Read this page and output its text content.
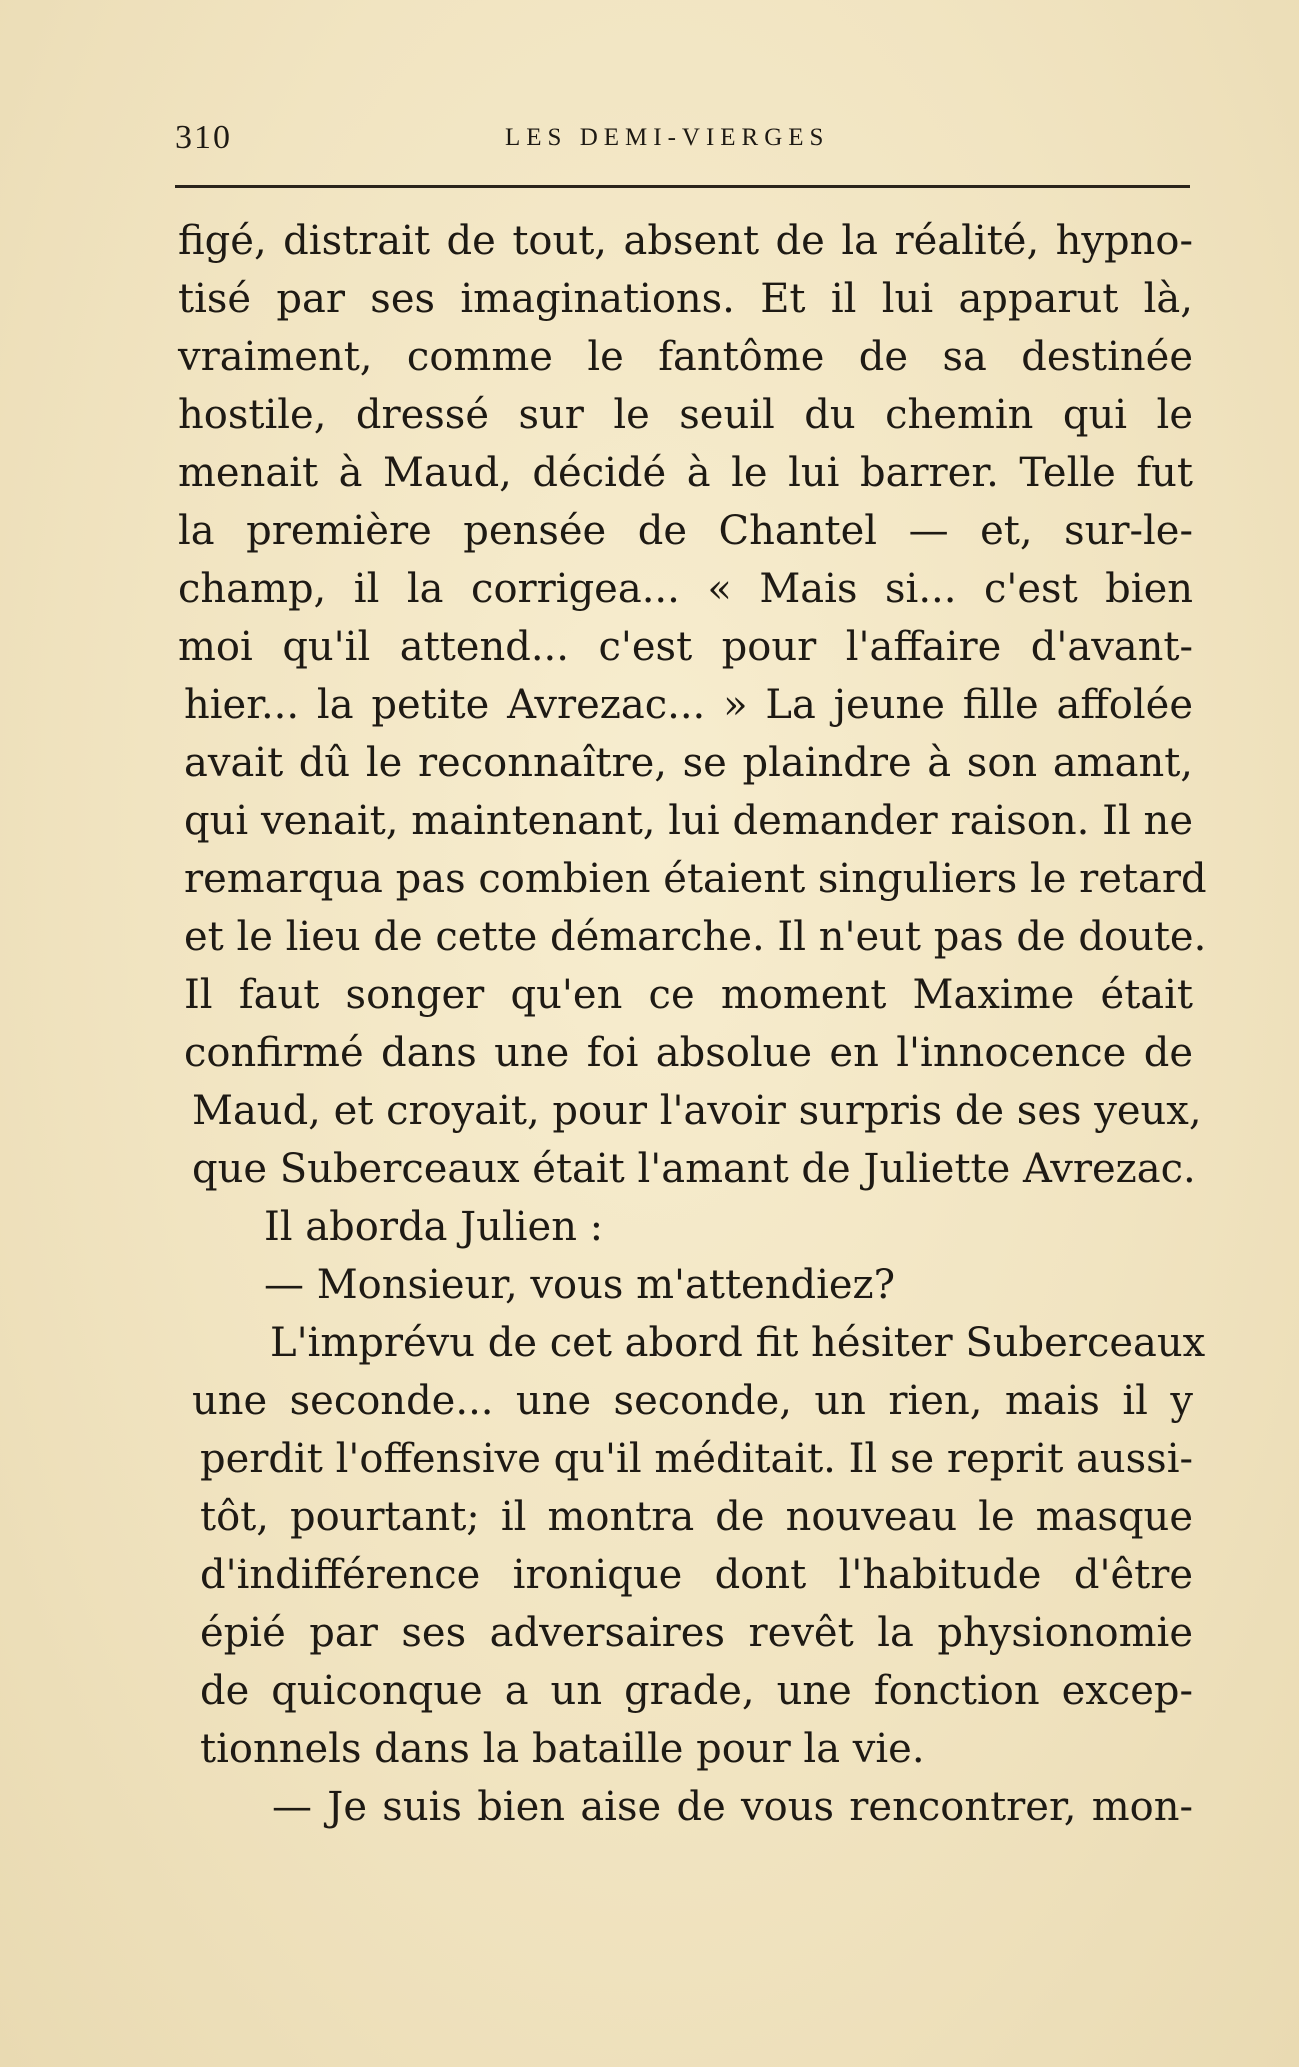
310	LES DEMI-VIERGES
figé, distrait de tout, absent de la réalité, hypno-
tisé par ses imaginations. Et il lui apparut là,
vraiment, comme le fantôme de sa destinée
hostile, dressé sur le seuil du chemin qui le
menait à Maud, décidé à le lui barrer. Telle fut
la première pensée de Chantel — et, sur-le-
champ, il la corrigea... « Mais si... c'est bien
moi qu'il attend... c'est pour l'affaire d'avant-
hier... la petite Avrezac... » La jeune fille affolée
avait dû le reconnaître, se plaindre à son amant,
qui venait, maintenant, lui demander raison. Il ne
remarqua pas combien étaient singuliers le retard
et le lieu de cette démarche. Il n'eut pas de doute.
Il faut songer qu'en ce moment Maxime était
confirmé dans une foi absolue en l'innocence de
Maud, et croyait, pour l'avoir surpris de ses yeux,
que Suberceaux était l'amant de Juliette Avrezac.
Il aborda Julien :
— Monsieur, vous m'attendiez?
L'imprévu de cet abord fit hésiter Suberceaux
une seconde... une seconde, un rien, mais il y
perdit l'offensive qu'il méditait. Il se reprit aussi-
tôt, pourtant; il montra de nouveau le masque
d'indifférence ironique dont l'habitude d'être
épié par ses adversaires revêt la physionomie
de quiconque a un grade, une fonction excep-
tionnels dans la bataille pour la vie.
— Je suis bien aise de vous rencontrer, mon-
